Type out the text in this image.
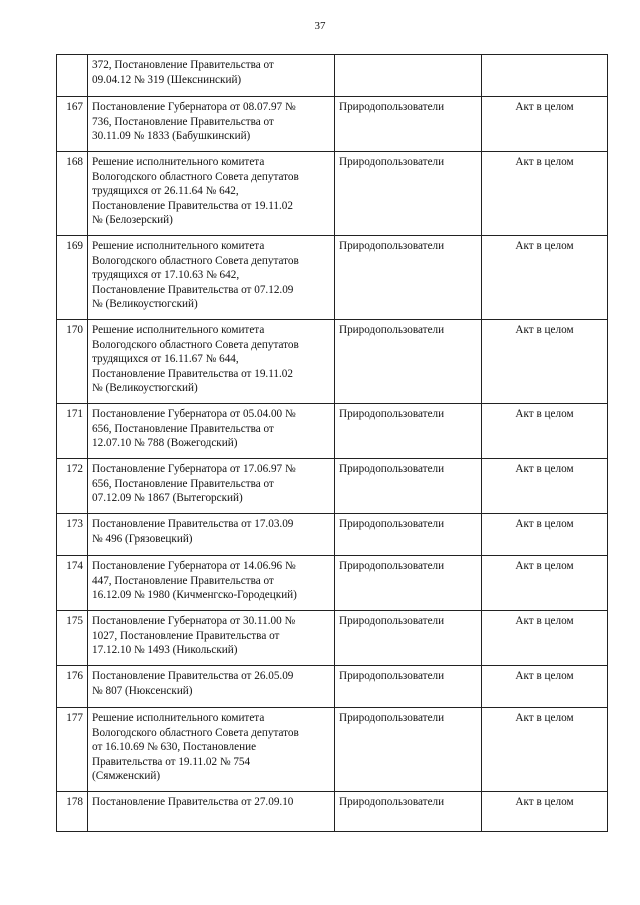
37

	372, Постановление Правительства от
09.04.12 № 319 (Шекснинский)		

167	Постановление Губернатора от 08.07.97 №
736, Постановление Правительства от
30.11.09 № 1833 (Бабушкинский)	Природопользователи	Акт в целом
168	Решение исполнительного комитета
Вологодского областного Совета депутатов
трудящихся от 26.11.64 № 642,
Постановление Правительства от 19.11.02
№ (Белозерский)	Природопользователи	Акт в целом
169	Решение исполнительного комитета
Вологодского областного Совета депутатов
трудящихся от 17.10.63 № 642,
Постановление Правительства от 07.12.09
№ (Великоустюгский)	Природопользователи	Акт в целом
170	Решение исполнительного комитета
Вологодского областного Совета депутатов
трудящихся от 16.11.67 № 644,
Постановление Правительства от 19.11.02
№ (Великоустюгский)	Природопользователи	Акт в целом
171	Постановление Губернатора от 05.04.00 №
656, Постановление Правительства от
12.07.10 № 788 (Вожегодский)	Природопользователи	Акт в целом
172	Постановление Губернатора от 17.06.97 №
656, Постановление Правительства от
07.12.09 № 1867 (Вытегорский)	Природопользователи	Акт в целом
173	Постановление Правительства от 17.03.09
№ 496 (Грязовецкий)	Природопользователи	Акт в целом
174	Постановление Губернатора от 14.06.96 №
447, Постановление Правительства от
16.12.09 № 1980 (Кичменгско-Городецкий)	Природопользователи	Акт в целом
175	Постановление Губернатора от 30.11.00 №
1027, Постановление Правительства от
17.12.10 № 1493 (Никольский)	Природопользователи	Акт в целом
176	Постановление Правительства от 26.05.09
№ 807 (Нюксенский)	Природопользователи	Акт в целом
177	Решение исполнительного комитета
Вологодского областного Совета депутатов
от 16.10.69 № 630, Постановление
Правительства от 19.11.02 № 754
(Сямженский)	Природопользователи	Акт в целом
178	Постановление Правительства от 27.09.10	Природопользователи	Акт в целом
